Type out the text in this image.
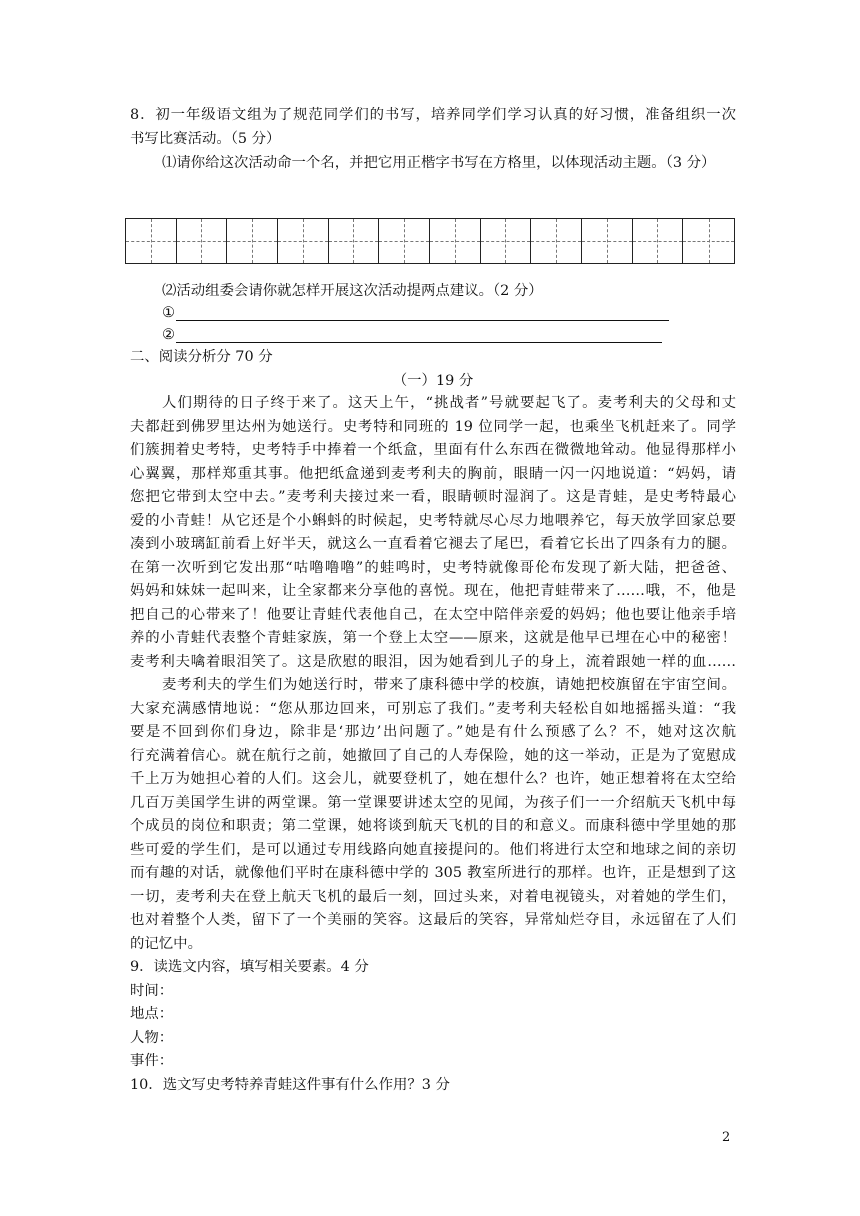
8．初一年级语文组为了规范同学们的书写，培养同学们学习认真的好习惯，准备组织一次

书写比赛活动。（5 分）

⑴请你给这次活动命一个名，并把它用正楷字书写在方格里，以体现活动主题。（3 分）

⑵活动组委会请你就怎样开展这次活动提两点建议。（2 分）

①

②

二、阅读分析分 70 分

（一）19 分

人们期待的日子终于来了。这天上午，“挑战者”号就要起飞了。麦考利夫的父母和丈

夫都赶到佛罗里达州为她送行。史考特和同班的 19 位同学一起，也乘坐飞机赶来了。同学

们簇拥着史考特，史考特手中捧着一个纸盒，里面有什么东西在微微地耸动。他显得那样小

心翼翼，那样郑重其事。他把纸盒递到麦考利夫的胸前，眼睛一闪一闪地说道：“妈妈，请

您把它带到太空中去。”麦考利夫接过来一看，眼睛顿时湿润了。这是青蛙，是史考特最心

爱的小青蛙！从它还是个小蝌蚪的时候起，史考特就尽心尽力地喂养它，每天放学回家总要

凑到小玻璃缸前看上好半天，就这么一直看着它褪去了尾巴，看着它长出了四条有力的腿。

在第一次听到它发出那“咕噜噜噜”的蛙鸣时，史考特就像哥伦布发现了新大陆，把爸爸、

妈妈和妹妹一起叫来，让全家都来分享他的喜悦。现在，他把青蛙带来了……哦，不，他是

把自己的心带来了！他要让青蛙代表他自己，在太空中陪伴亲爱的妈妈；他也要让他亲手培

养的小青蛙代表整个青蛙家族，第一个登上太空——原来，这就是他早已埋在心中的秘密！

麦考利夫噙着眼泪笑了。这是欣慰的眼泪，因为她看到儿子的身上，流着跟她一样的血……

麦考利夫的学生们为她送行时，带来了康科德中学的校旗，请她把校旗留在宇宙空间。

大家充满感情地说：“您从那边回来，可别忘了我们。”麦考利夫轻松自如地摇摇头道：“我

要是不回到你们身边，除非是‘那边’出问题了。”她是有什么预感了么？不，她对这次航

行充满着信心。就在航行之前，她撤回了自己的人寿保险，她的这一举动，正是为了宽慰成

千上万为她担心着的人们。这会儿，就要登机了，她在想什么？也许，她正想着将在太空给

几百万美国学生讲的两堂课。第一堂课要讲述太空的见闻，为孩子们一一介绍航天飞机中每

个成员的岗位和职责；第二堂课，她将谈到航天飞机的目的和意义。而康科德中学里她的那

些可爱的学生们，是可以通过专用线路向她直接提问的。他们将进行太空和地球之间的亲切

而有趣的对话，就像他们平时在康科德中学的 305 教室所进行的那样。也许，正是想到了这

一切，麦考利夫在登上航天飞机的最后一刻，回过头来，对着电视镜头，对着她的学生们，

也对着整个人类，留下了一个美丽的笑容。这最后的笑容，异常灿烂夺目，永远留在了人们

的记忆中。

9．读选文内容，填写相关要素。4 分

时间：

地点：

人物：

事件：

10．选文写史考特养青蛙这件事有什么作用？3 分

2
